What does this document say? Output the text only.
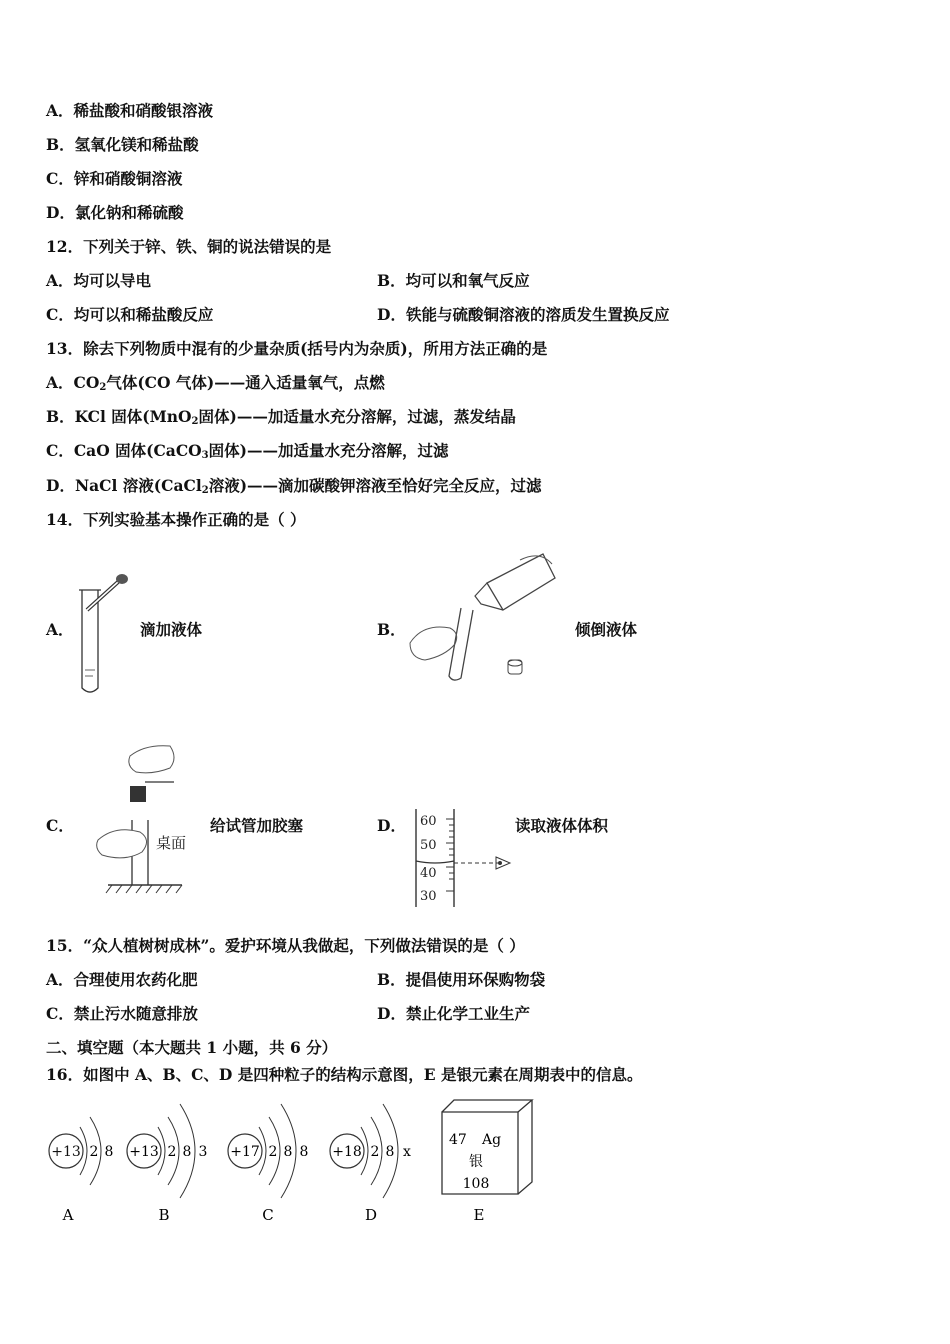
A．稀盐酸和硝酸银溶液
B．氢氧化镁和稀盐酸
C．锌和硝酸铜溶液
D．氯化钠和稀硫酸
12．下列关于锌、铁、铜的说法错误的是
A．均可以导电	B．均可以和氧气反应
C．均可以和稀盐酸反应	D．铁能与硫酸铜溶液的溶质发生置换反应
13．除去下列物质中混有的少量杂质(括号内为杂质)，所用方法正确的是
A．$CO_2$气体(CO 气体)——通入适量氧气，点燃
B．KCl 固体(MnO$_2$固体)——加适量水充分溶解，过滤，蒸发结晶
C．CaO 固体(CaCO$_3$固体)——加适量水充分溶解，过滤
D．NaCl 溶液(CaCl$_2$溶液)——滴加碳酸钾溶液至恰好完全反应，过滤
14．下列实验基本操作正确的是（ ）
A．	滴加液体	B．	倾倒液体
C．	给试管加胶塞
桌面
D．	读取液体体积
60
50
40
30
15．“众人植树树成林”。爱护环境从我做起，下列做法错误的是（ ）
A．合理使用农药化肥	B．提倡使用环保购物袋
C．禁止污水随意排放	D．禁止化学工业生产
二、填空题（本大题共 1 小题，共 6 分）
16．如图中 A、B、C、D 是四种粒子的结构示意图，E 是银元素在周期表中的信息。
+13 2 8
A
+13 2 8 3
B
+17 2 8 8
C
+18 2 8 x
D
47 Ag
银
108
E
